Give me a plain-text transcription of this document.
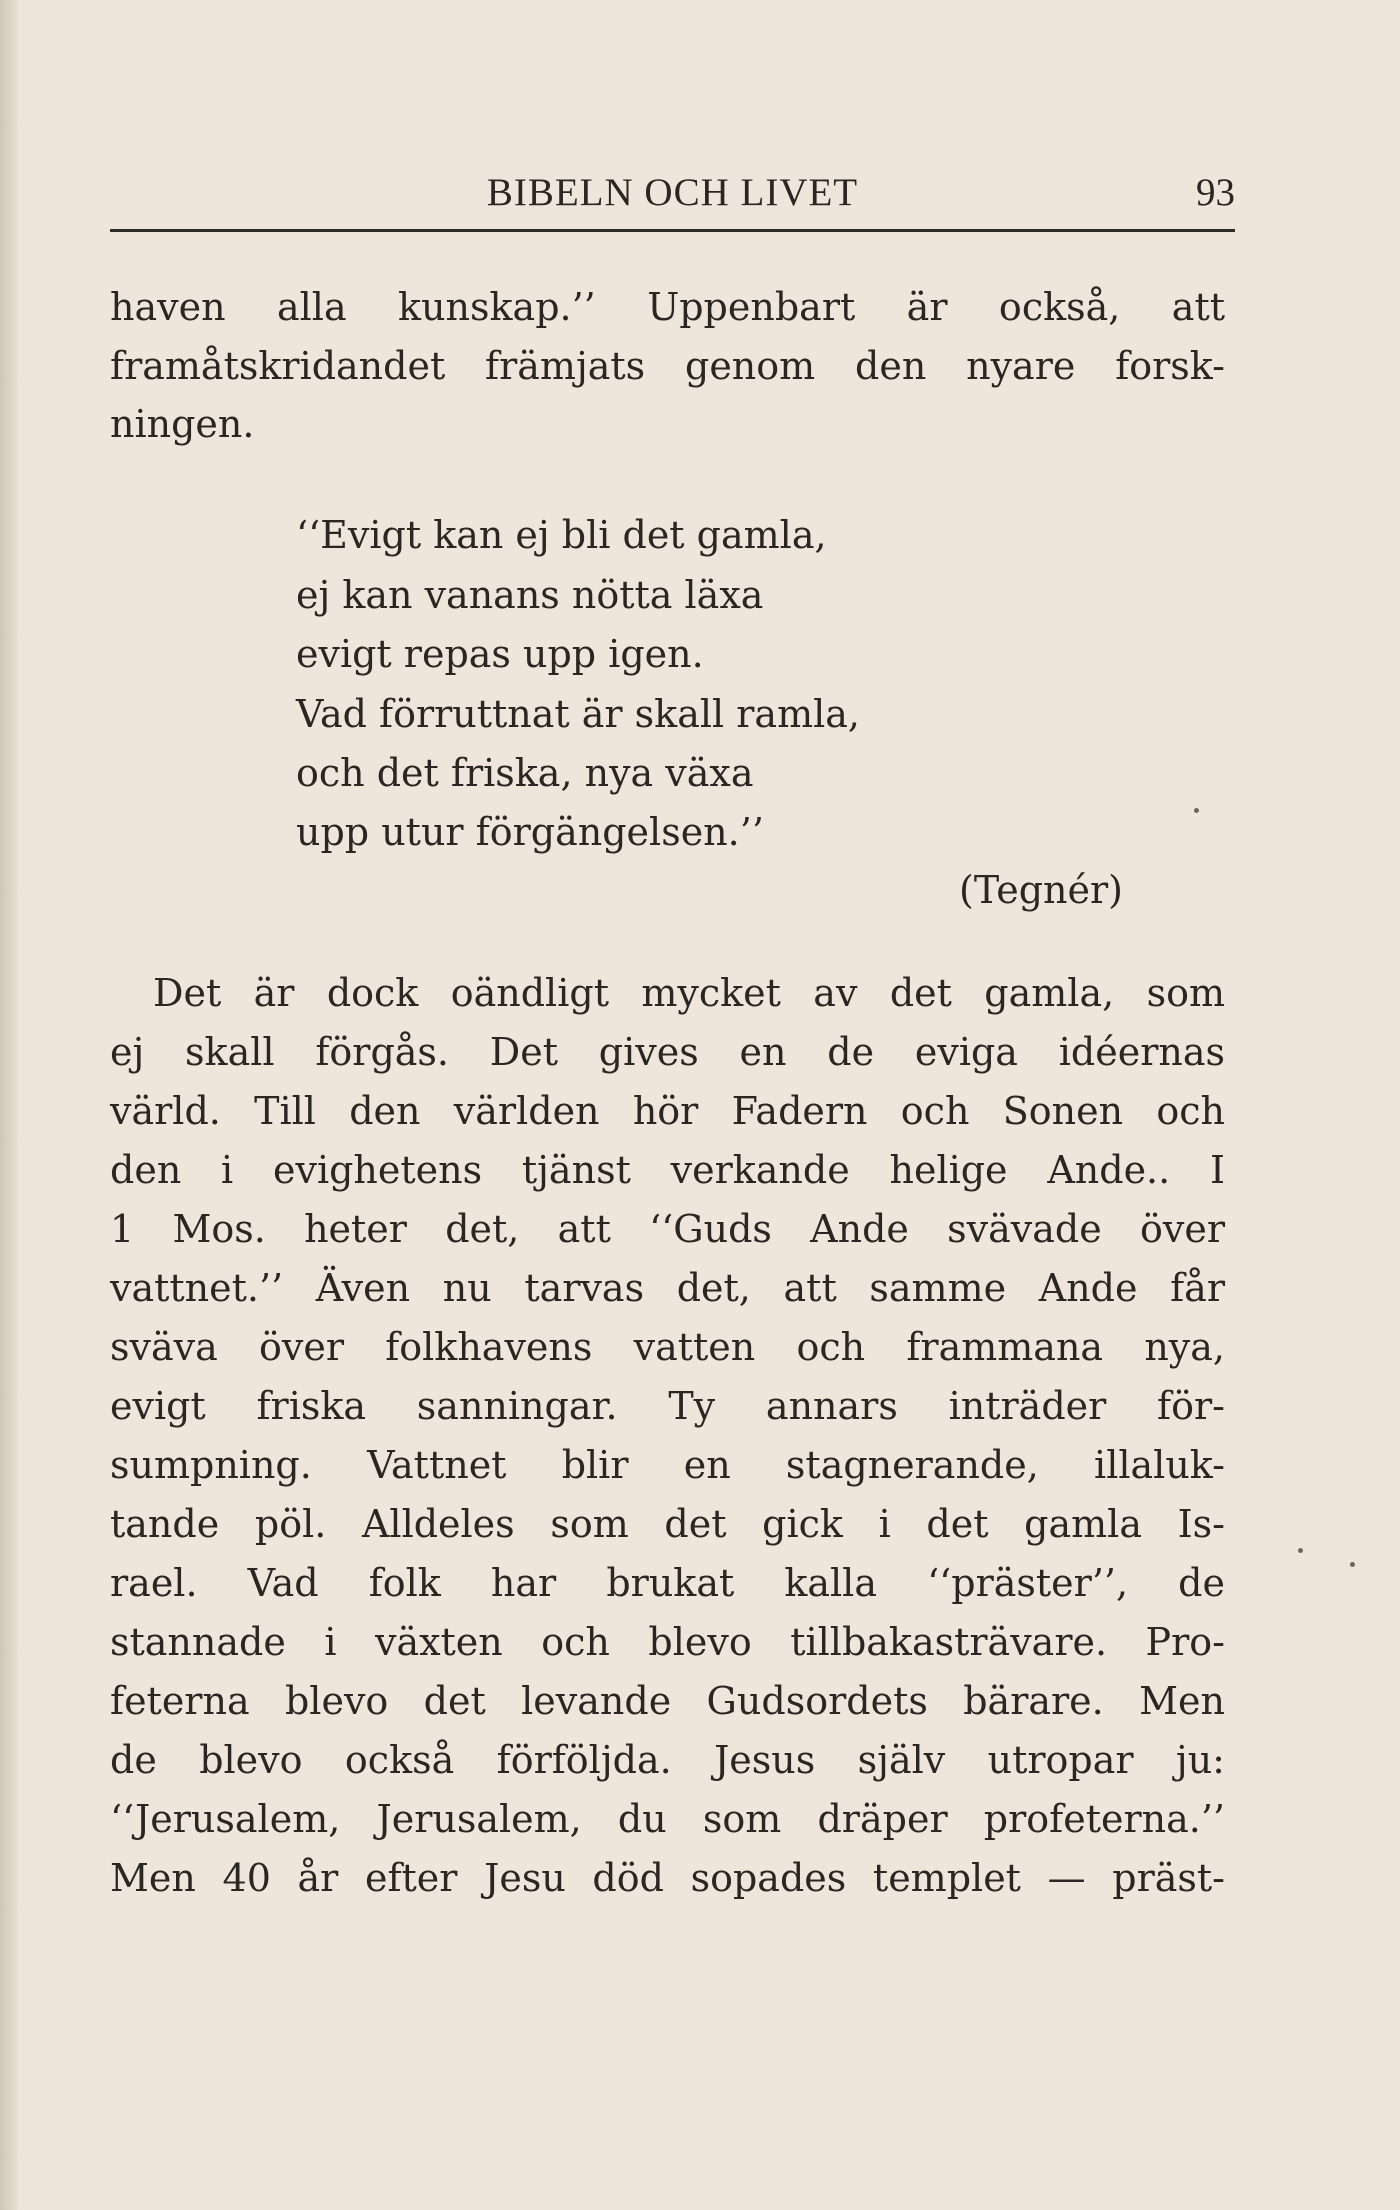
BIBELN OCH LIVET	93
haven alla kunskap.’’ Uppenbart är också, att
framåtskridandet främjats genom den nyare forsk-
ningen.
‘‘Evigt kan ej bli det gamla,
ej kan vanans nötta läxa
evigt repas upp igen.
Vad förruttnat är skall ramla,
och det friska, nya växa
upp utur förgängelsen.’’
(Tegnér)
Det är dock oändligt mycket av det gamla, som
ej skall förgås. Det gives en de eviga idéernas
värld. Till den världen hör Fadern och Sonen och
den i evighetens tjänst verkande helige Ande.. I
1 Mos. heter det, att ‘‘Guds Ande svävade över
vattnet.’’ Även nu tarvas det, att samme Ande får
sväva över folkhavens vatten och frammana nya,
evigt friska sanningar. Ty annars inträder för-
sumpning. Vattnet blir en stagnerande, illaluk-
tande pöl. Alldeles som det gick i det gamla Is-
rael. Vad folk har brukat kalla ‘‘präster’’, de
stannade i växten och blevo tillbakasträvare. Pro-
feterna blevo det levande Gudsordets bärare. Men
de blevo också förföljda. Jesus själv utropar ju:
‘‘Jerusalem, Jerusalem, du som dräper profeterna.’’
Men 40 år efter Jesu död sopades templet — präst-
